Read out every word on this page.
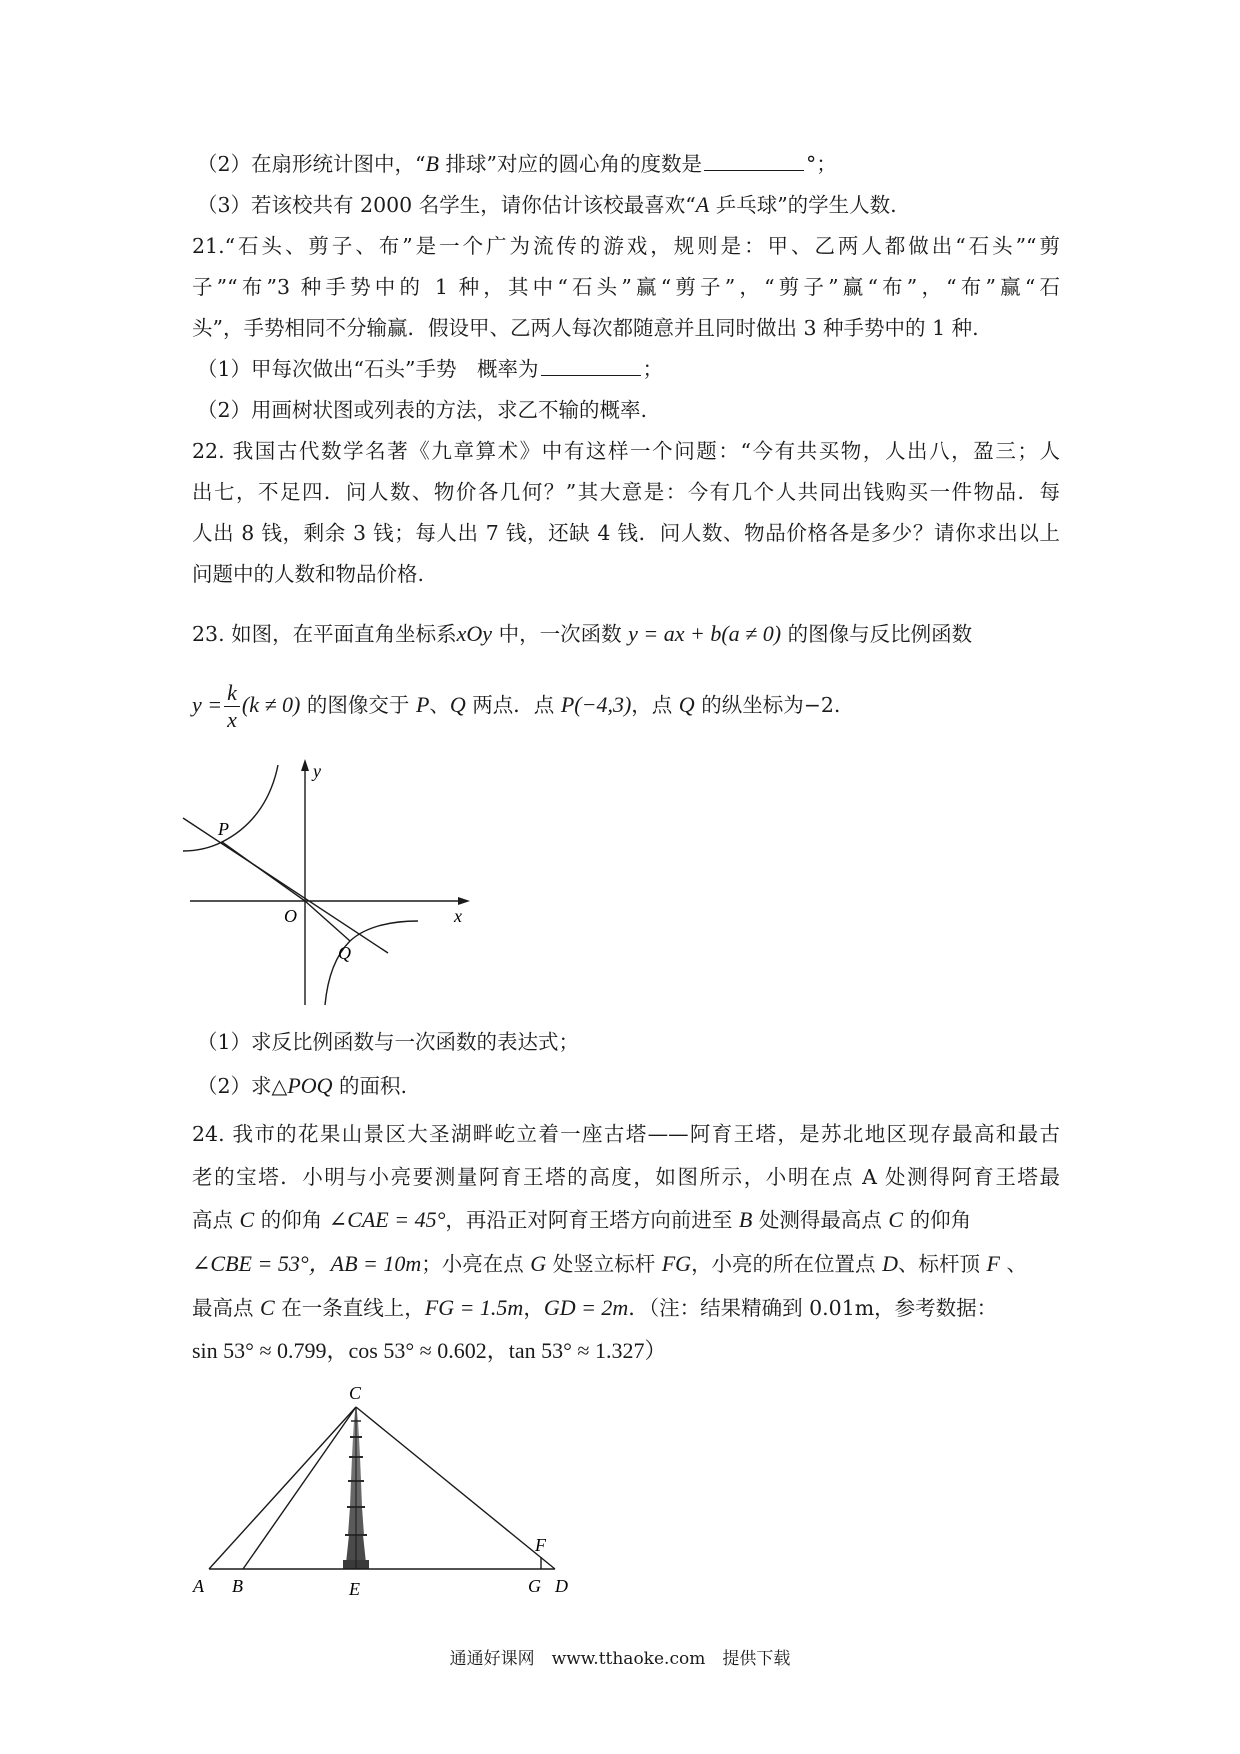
（2）在扇形统计图中，“B 排球”对应的圆心角的度数是	°；
（3）若该校共有 2000 名学生，请你估计该校最喜欢“A 乒乓球”的学生人数.
21.“石头、剪子、布”是一个广为流传的游戏，规则是：甲、乙两人都做出“石头”“剪
子”“布”3 种手势中的 1 种，其中“石头”赢“剪子”，“剪子”赢“布”，“布”赢“石
头”，手势相同不分输赢．假设甲、乙两人每次都随意并且同时做出 3 种手势中的 1 种.
（1）甲每次做出“石头”手势　概率为	；
（2）用画树状图或列表的方法，求乙不输的概率.
22. 我国古代数学名著《九章算术》中有这样一个问题：“今有共买物，人出八，盈三；人
出七，不足四．问人数、物价各几何？”其大意是：今有几个人共同出钱购买一件物品．每
人出 8 钱，剩余 3 钱；每人出 7 钱，还缺 4 钱．问人数、物品价格各是多少？请你求出以上
问题中的人数和物品价格.
23. 如图，在平面直角坐标系xOy 中，一次函数 y = ax + b(a ≠ 0) 的图像与反比例函数
$y = \frac{k}{x} (k \ne 0)$ 的图像交于 P、Q 两点．点 P(−4,3)，点 Q 的纵坐标为−2.
y
x
O
P
Q
（1）求反比例函数与一次函数的表达式；
（2）求△POQ 的面积.
24. 我市的花果山景区大圣湖畔屹立着一座古塔——阿育王塔，是苏北地区现存最高和最古
老的宝塔．小明与小亮要测量阿育王塔的高度，如图所示，小明在点 A 处测得阿育王塔最
高点 C 的仰角 ∠CAE = 45°，再沿正对阿育王塔方向前进至 B 处测得最高点 C 的仰角
∠CBE = 53°，AB = 10m；小亮在点 G 处竖立标杆 FG，小亮的所在位置点 D、标杆顶 F 、
最高点 C 在一条直线上，FG = 1.5m，GD = 2m．（注：结果精确到 0.01m，参考数据：
sin 53° ≈ 0.799，cos 53° ≈ 0.602，tan 53° ≈ 1.327）
C
F
A B	E	G D
通通好课网　www.tthaoke.com　提供下载
